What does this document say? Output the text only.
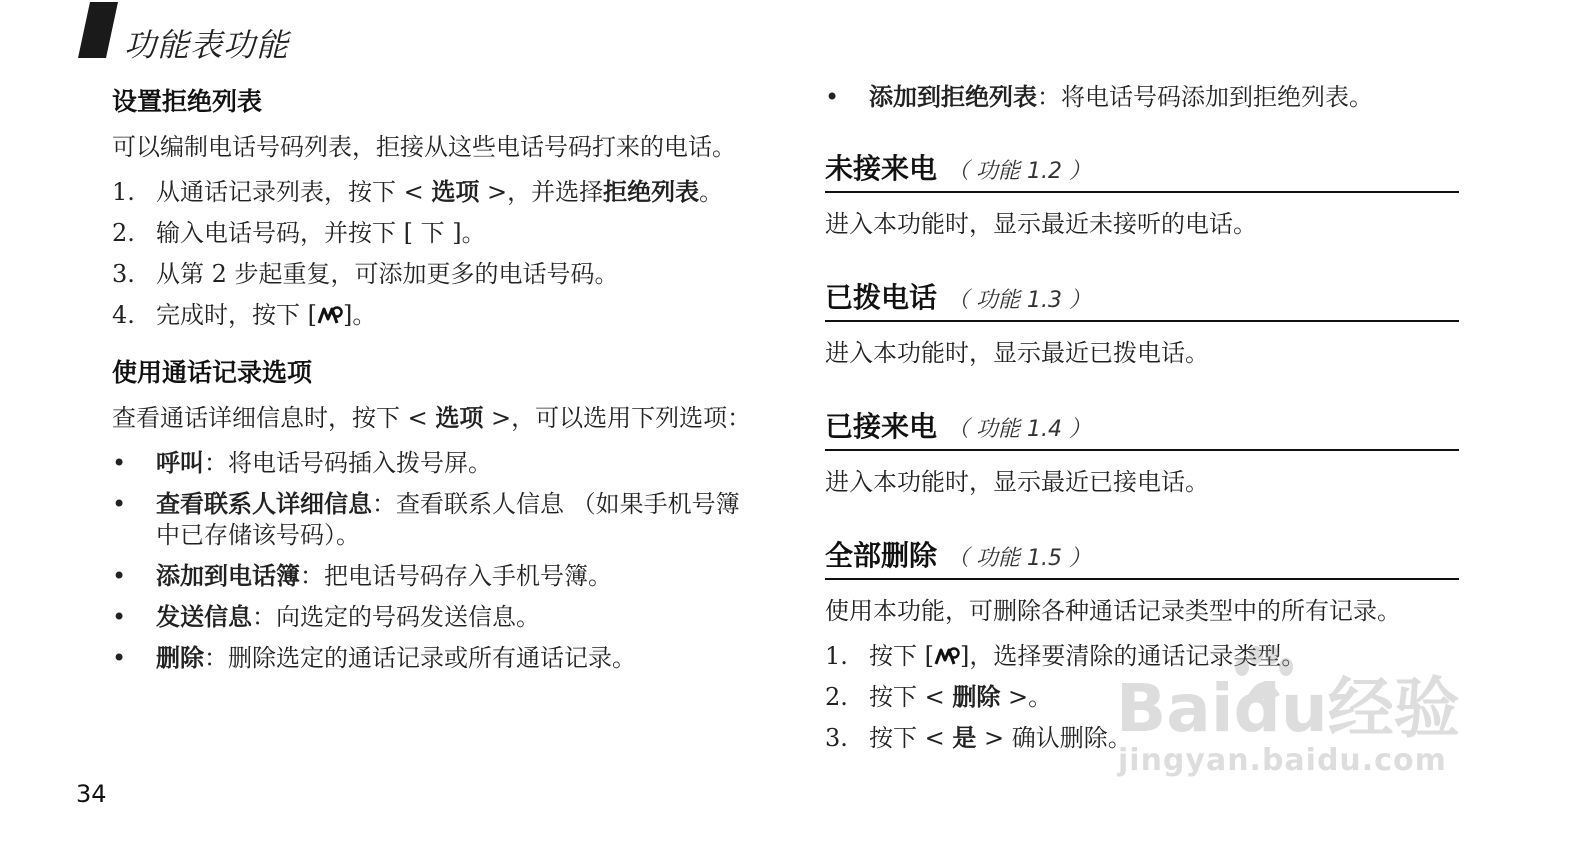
功能表功能
设置拒绝列表

可以编制电话号码列表，拒接从这些电话号码打来的电话。

1. 从通话记录列表，按下 < 选项 >，并选择拒绝列表。
2. 输入电话号码，并按下 [ 下 ]。
3. 从第 2 步起重复，可添加更多的电话号码。
4. 完成时，按下 [ ]。
使用通话记录选项

查看通话详细信息时，按下 < 选项 >，可以选用下列选项：

• 呼叫：将电话号码插入拨号屏。
• 查看联系人详细信息：查看联系人信息 （如果手机号簿中已存储该号码）。
• 添加到电话簿：把电话号码存入手机号簿。
• 发送信息：向选定的号码发送信息。
• 删除：删除选定的通话记录或所有通话记录。
• 添加到拒绝列表：将电话号码添加到拒绝列表。
未接来电 （ 功能 1.2 ）

进入本功能时，显示最近未接听的电话。

已拨电话 （ 功能 1.3 ）

进入本功能时，显示最近已拨电话。

已接来电 （ 功能 1.4 ）

进入本功能时，显示最近已接电话。

全部删除 （ 功能 1.5 ）

使用本功能，可删除各种通话记录类型中的所有记录。

1. 按下 [ ]，选择要清除的通话记录类型。
2. 按下 < 删除 >。
3. 按下 < 是 > 确认删除。
34
Baidu经验
jingyan.baidu.com
